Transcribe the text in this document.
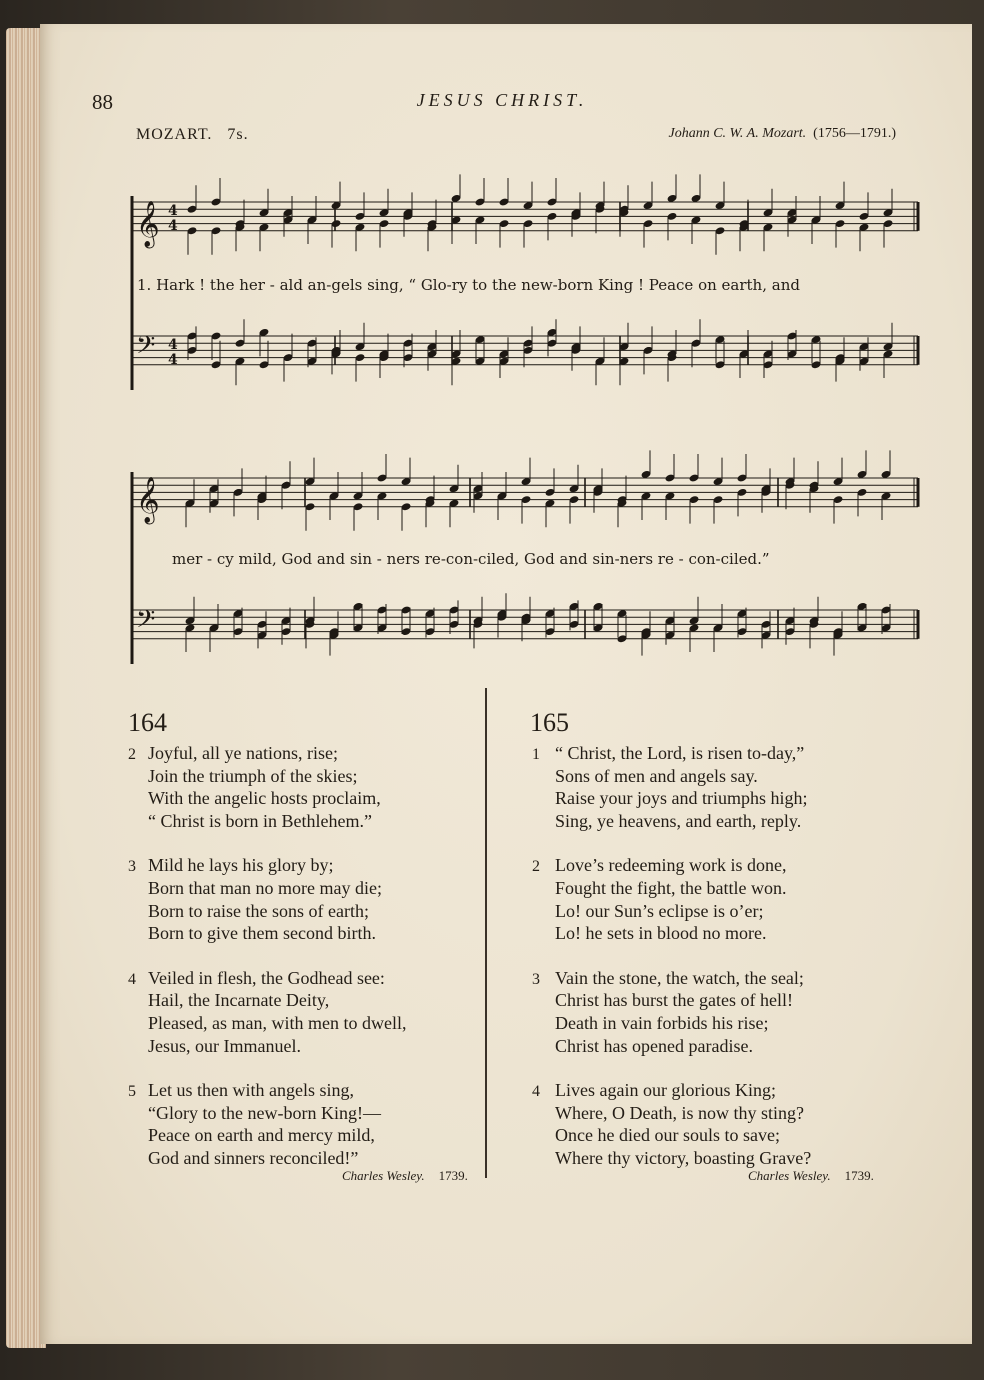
88	JESUS CHRIST.
MOZART. 7s.	Johann C. W. A. Mozart. (1756—1791.)
𝄞 4
4
𝄢 4
4
𝄞
𝄢
1. Hark ! the her - ald an-gels sing, “ Glo-ry to the new-born King ! Peace on earth, and
mer - cy mild, God and sin - ners re-con-ciled, God and sin-ners re - con-ciled.”
164
2 Joyful, all ye nations, rise;
Join the triumph of the skies;
With the angelic hosts proclaim,
“ Christ is born in Bethlehem.”
3 Mild he lays his glory by;
Born that man no more may die;
Born to raise the sons of earth;
Born to give them second birth.
4 Veiled in flesh, the Godhead see:
Hail, the Incarnate Deity,
Pleased, as man, with men to dwell,
Jesus, our Immanuel.
5 Let us then with angels sing,
“Glory to the new-born King!—
Peace on earth and mercy mild,
God and sinners reconciled!”
Charles Wesley. 1739.
165
1 “ Christ, the Lord, is risen to-day,”
Sons of men and angels say.
Raise your joys and triumphs high;
Sing, ye heavens, and earth, reply.
2 Love’s redeeming work is done,
Fought the fight, the battle won.
Lo! our Sun’s eclipse is o’er;
Lo! he sets in blood no more.
3 Vain the stone, the watch, the seal;
Christ has burst the gates of hell!
Death in vain forbids his rise;
Christ has opened paradise.
4 Lives again our glorious King;
Where, O Death, is now thy sting?
Once he died our souls to save;
Where thy victory, boasting Grave?
Charles Wesley. 1739.
